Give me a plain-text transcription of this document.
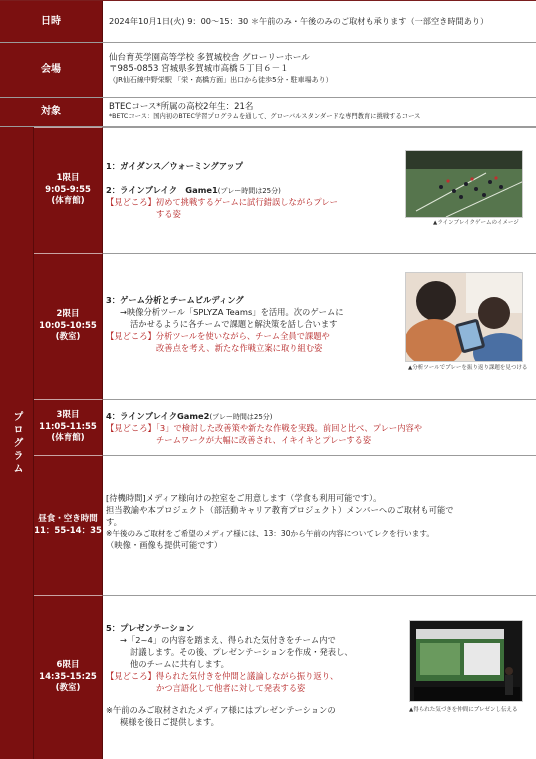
日時	2024年10月1日(火) 9：00～15：30 ＊午前のみ・午後のみのご取材も承ります（一部空き時間あり）
会場
仙台育英学園高等学校 多賀城校舎 グローリーホール
〒985-0853 宮城県多賀城市高橋５丁目６－１
（JR仙石線中野栄駅 「栄・高橋方面」出口から徒歩5分・駐車場あり）
対象	BTECコース*所属の高校2年生：21名
*BETCコース：国内初のBTEC学習プログラムを通して、グローバルスタンダードな専門教育に挑戦するコース
プログラム
1限目
9:05-9:55
(体育館)
1：ガイダンス／ウォーミングアップ
2：ラインブレイク　Game1(プレー時間は25分)
【見どころ】初めて挑戦するゲームに試行錯誤しながらプレー
する姿
▲ラインブレイクゲームのイメージ
2限目
10:05-10:55
(教室)
3：ゲーム分析とチームビルディング
→映像分析ツール「SPLYZA Teams」を活用。次のゲームに
活かせるように各チームで課題と解決策を話し合います
【見どころ】分析ツールを使いながら、チーム全員で課題や
改善点を考え、新たな作戦立案に取り組む姿
▲分析ツールでプレーを振り返り課題を見つける
3限目
11:05-11:55
(体育館)
4：ラインブレイクGame2(プレー時間は25分)
【見どころ】「3」で検討した改善策や新たな作戦を実践。前回と比べ、プレー内容や
チームワークが大幅に改善され、イキイキとプレーする姿
昼食・空き時間
11：55-14：35
[待機時間]メディア様向けの控室をご用意します（学食も利用可能です）。
担当教諭や本プロジェクト（部活動キャリア教育プロジェクト）メンバーへのご取材も可能で
す。
※午後のみご取材をご希望のメディア様には、13：30から午前の内容についてレクを行います。
（映像・画像も提供可能です）
6限目
14:35-15:25
(教室)
5：プレゼンテーション
→「2~4」の内容を踏まえ、得られた気付きをチーム内で
討議します。その後、プレゼンテーションを作成・発表し、
他のチームに共有します。
【見どころ】得られた気付きを仲間と議論しながら振り返り、
かつ言語化して他者に対して発表する姿
※午前のみご取材されたメディア様にはプレゼンテーションの
模様を後日ご提供します。
▲得られた気づきを仲間にプレゼンし伝える
